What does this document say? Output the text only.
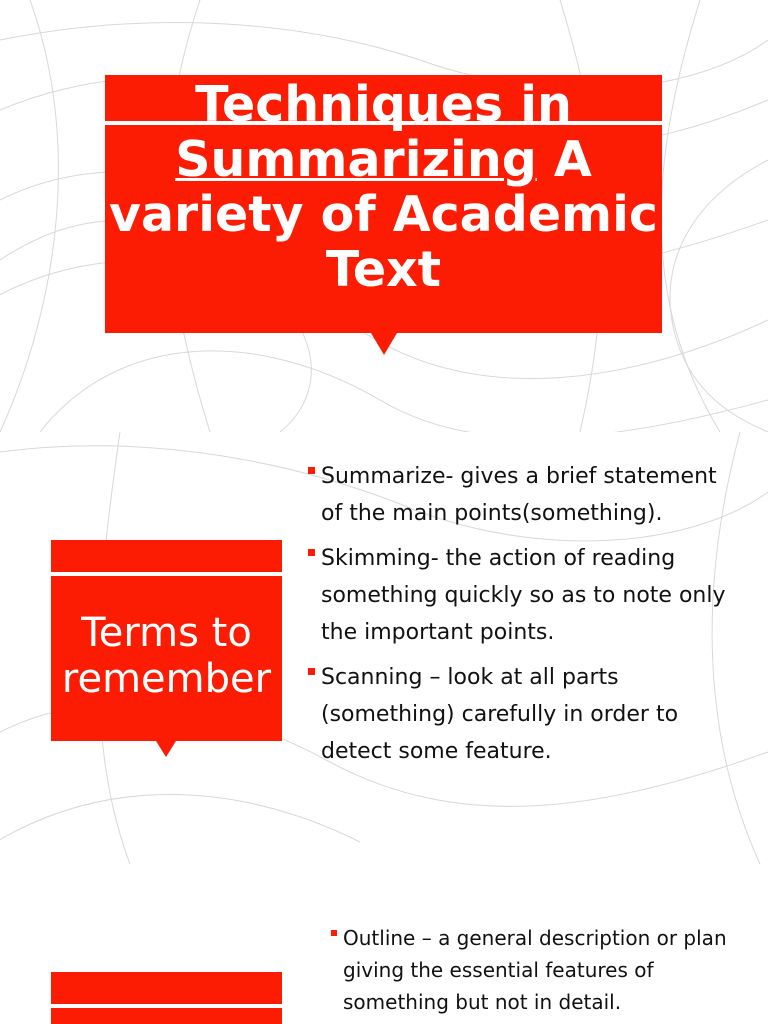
Techniques in
Summarizing A variety of Academic Text
Terms to remember
Summarize- gives a brief statement of the main points(something).
Skimming- the action of reading something quickly so as to note only the important points.
Scanning – look at all parts (something) carefully in order to detect some feature.
Outline – a general description or plan giving the essential features of something but not in detail.
